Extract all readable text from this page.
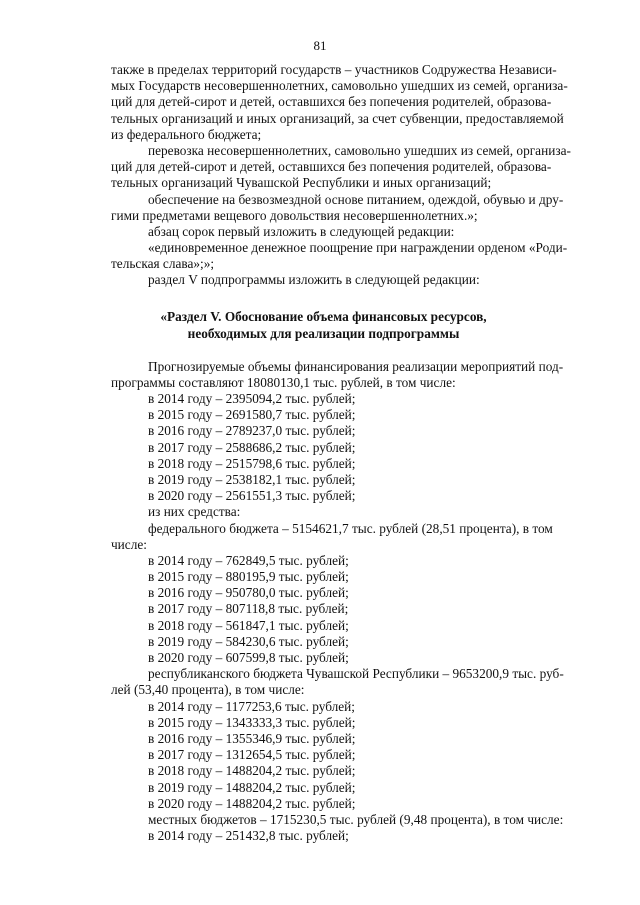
81
также в пределах территорий государств – участников Содружества Независи-
мых Государств несовершеннолетних, самовольно ушедших из семей, организа-
ций для детей-сирот и детей, оставшихся без попечения родителей, образова-
тельных организаций и иных организаций, за счет субвенции, предоставляемой
из федерального бюджета;
перевозка несовершеннолетних, самовольно ушедших из семей, организа-
ций для детей-сирот и детей, оставшихся без попечения родителей, образова-
тельных организаций Чувашской Республики и иных организаций;
обеспечение на безвозмездной основе питанием, одеждой, обувью и дру-
гими предметами вещевого довольствия несовершеннолетних.»;
абзац сорок первый изложить в следующей редакции:
«единовременное денежное поощрение при награждении орденом «Роди-
тельская слава»;»;
раздел V подпрограммы изложить в следующей редакции:
«Раздел V. Обоснование объема финансовых ресурсов,
необходимых для реализации подпрограммы
Прогнозируемые объемы финансирования реализации мероприятий под-
программы составляют 18080130,1 тыс. рублей, в том числе:
в 2014 году – 2395094,2 тыс. рублей;
в 2015 году – 2691580,7 тыс. рублей;
в 2016 году – 2789237,0 тыс. рублей;
в 2017 году – 2588686,2 тыс. рублей;
в 2018 году – 2515798,6 тыс. рублей;
в 2019 году – 2538182,1 тыс. рублей;
в 2020 году – 2561551,3 тыс. рублей;
из них средства:
федерального бюджета – 5154621,7 тыс. рублей (28,51 процента), в том
числе:
в 2014 году – 762849,5 тыс. рублей;
в 2015 году – 880195,9 тыс. рублей;
в 2016 году – 950780,0 тыс. рублей;
в 2017 году – 807118,8 тыс. рублей;
в 2018 году – 561847,1 тыс. рублей;
в 2019 году – 584230,6 тыс. рублей;
в 2020 году – 607599,8 тыс. рублей;
республиканского бюджета Чувашской Республики – 9653200,9 тыс. руб-
лей (53,40 процента), в том числе:
в 2014 году – 1177253,6 тыс. рублей;
в 2015 году – 1343333,3 тыс. рублей;
в 2016 году – 1355346,9 тыс. рублей;
в 2017 году – 1312654,5 тыс. рублей;
в 2018 году – 1488204,2 тыс. рублей;
в 2019 году – 1488204,2 тыс. рублей;
в 2020 году – 1488204,2 тыс. рублей;
местных бюджетов – 1715230,5 тыс. рублей (9,48 процента), в том числе:
в 2014 году – 251432,8 тыс. рублей;
